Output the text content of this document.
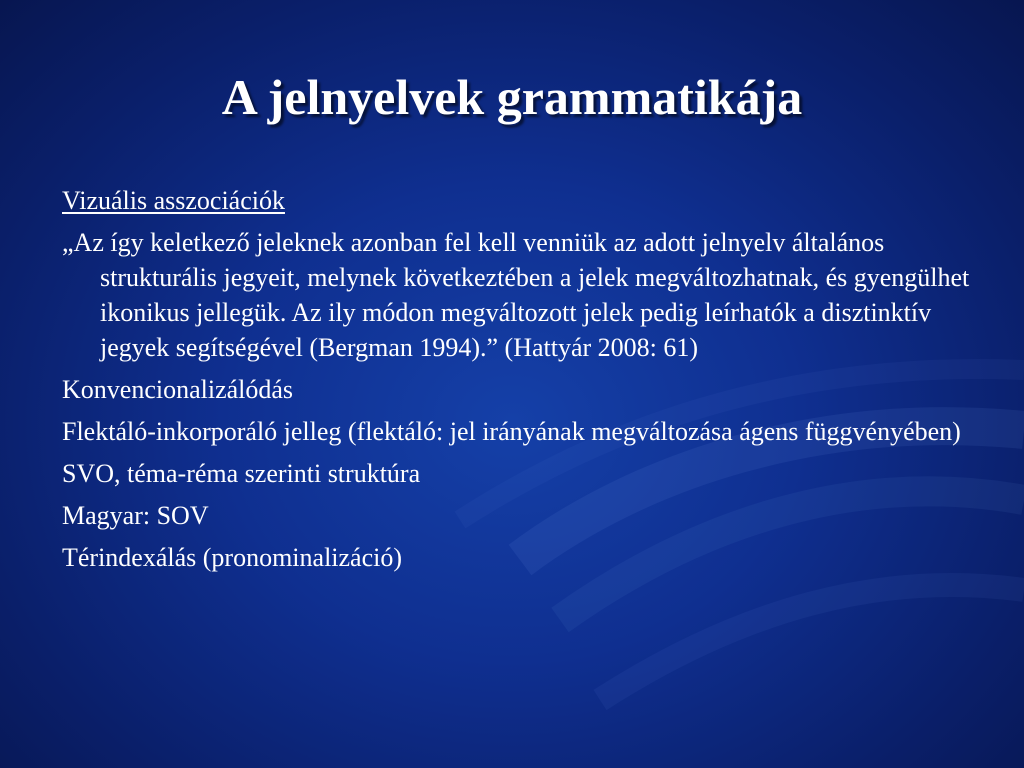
A jelnyelvek grammatikája
Vizuális asszociációk
„Az így keletkező jeleknek azonban fel kell venniük az adott jelnyelv általános strukturális jegyeit, melynek következtében a jelek megváltozhatnak, és gyengülhet ikonikus jellegük. Az ily módon megváltozott jelek pedig leírhatók a disztinktív jegyek segítségével (Bergman 1994).” (Hattyár 2008: 61)
Konvencionalizálódás
Flektáló-inkorporáló jelleg (flektáló: jel irányának megváltozása ágens függvényében)
SVO, téma-réma szerinti struktúra
Magyar: SOV
Térindexálás (pronominalizáció)
